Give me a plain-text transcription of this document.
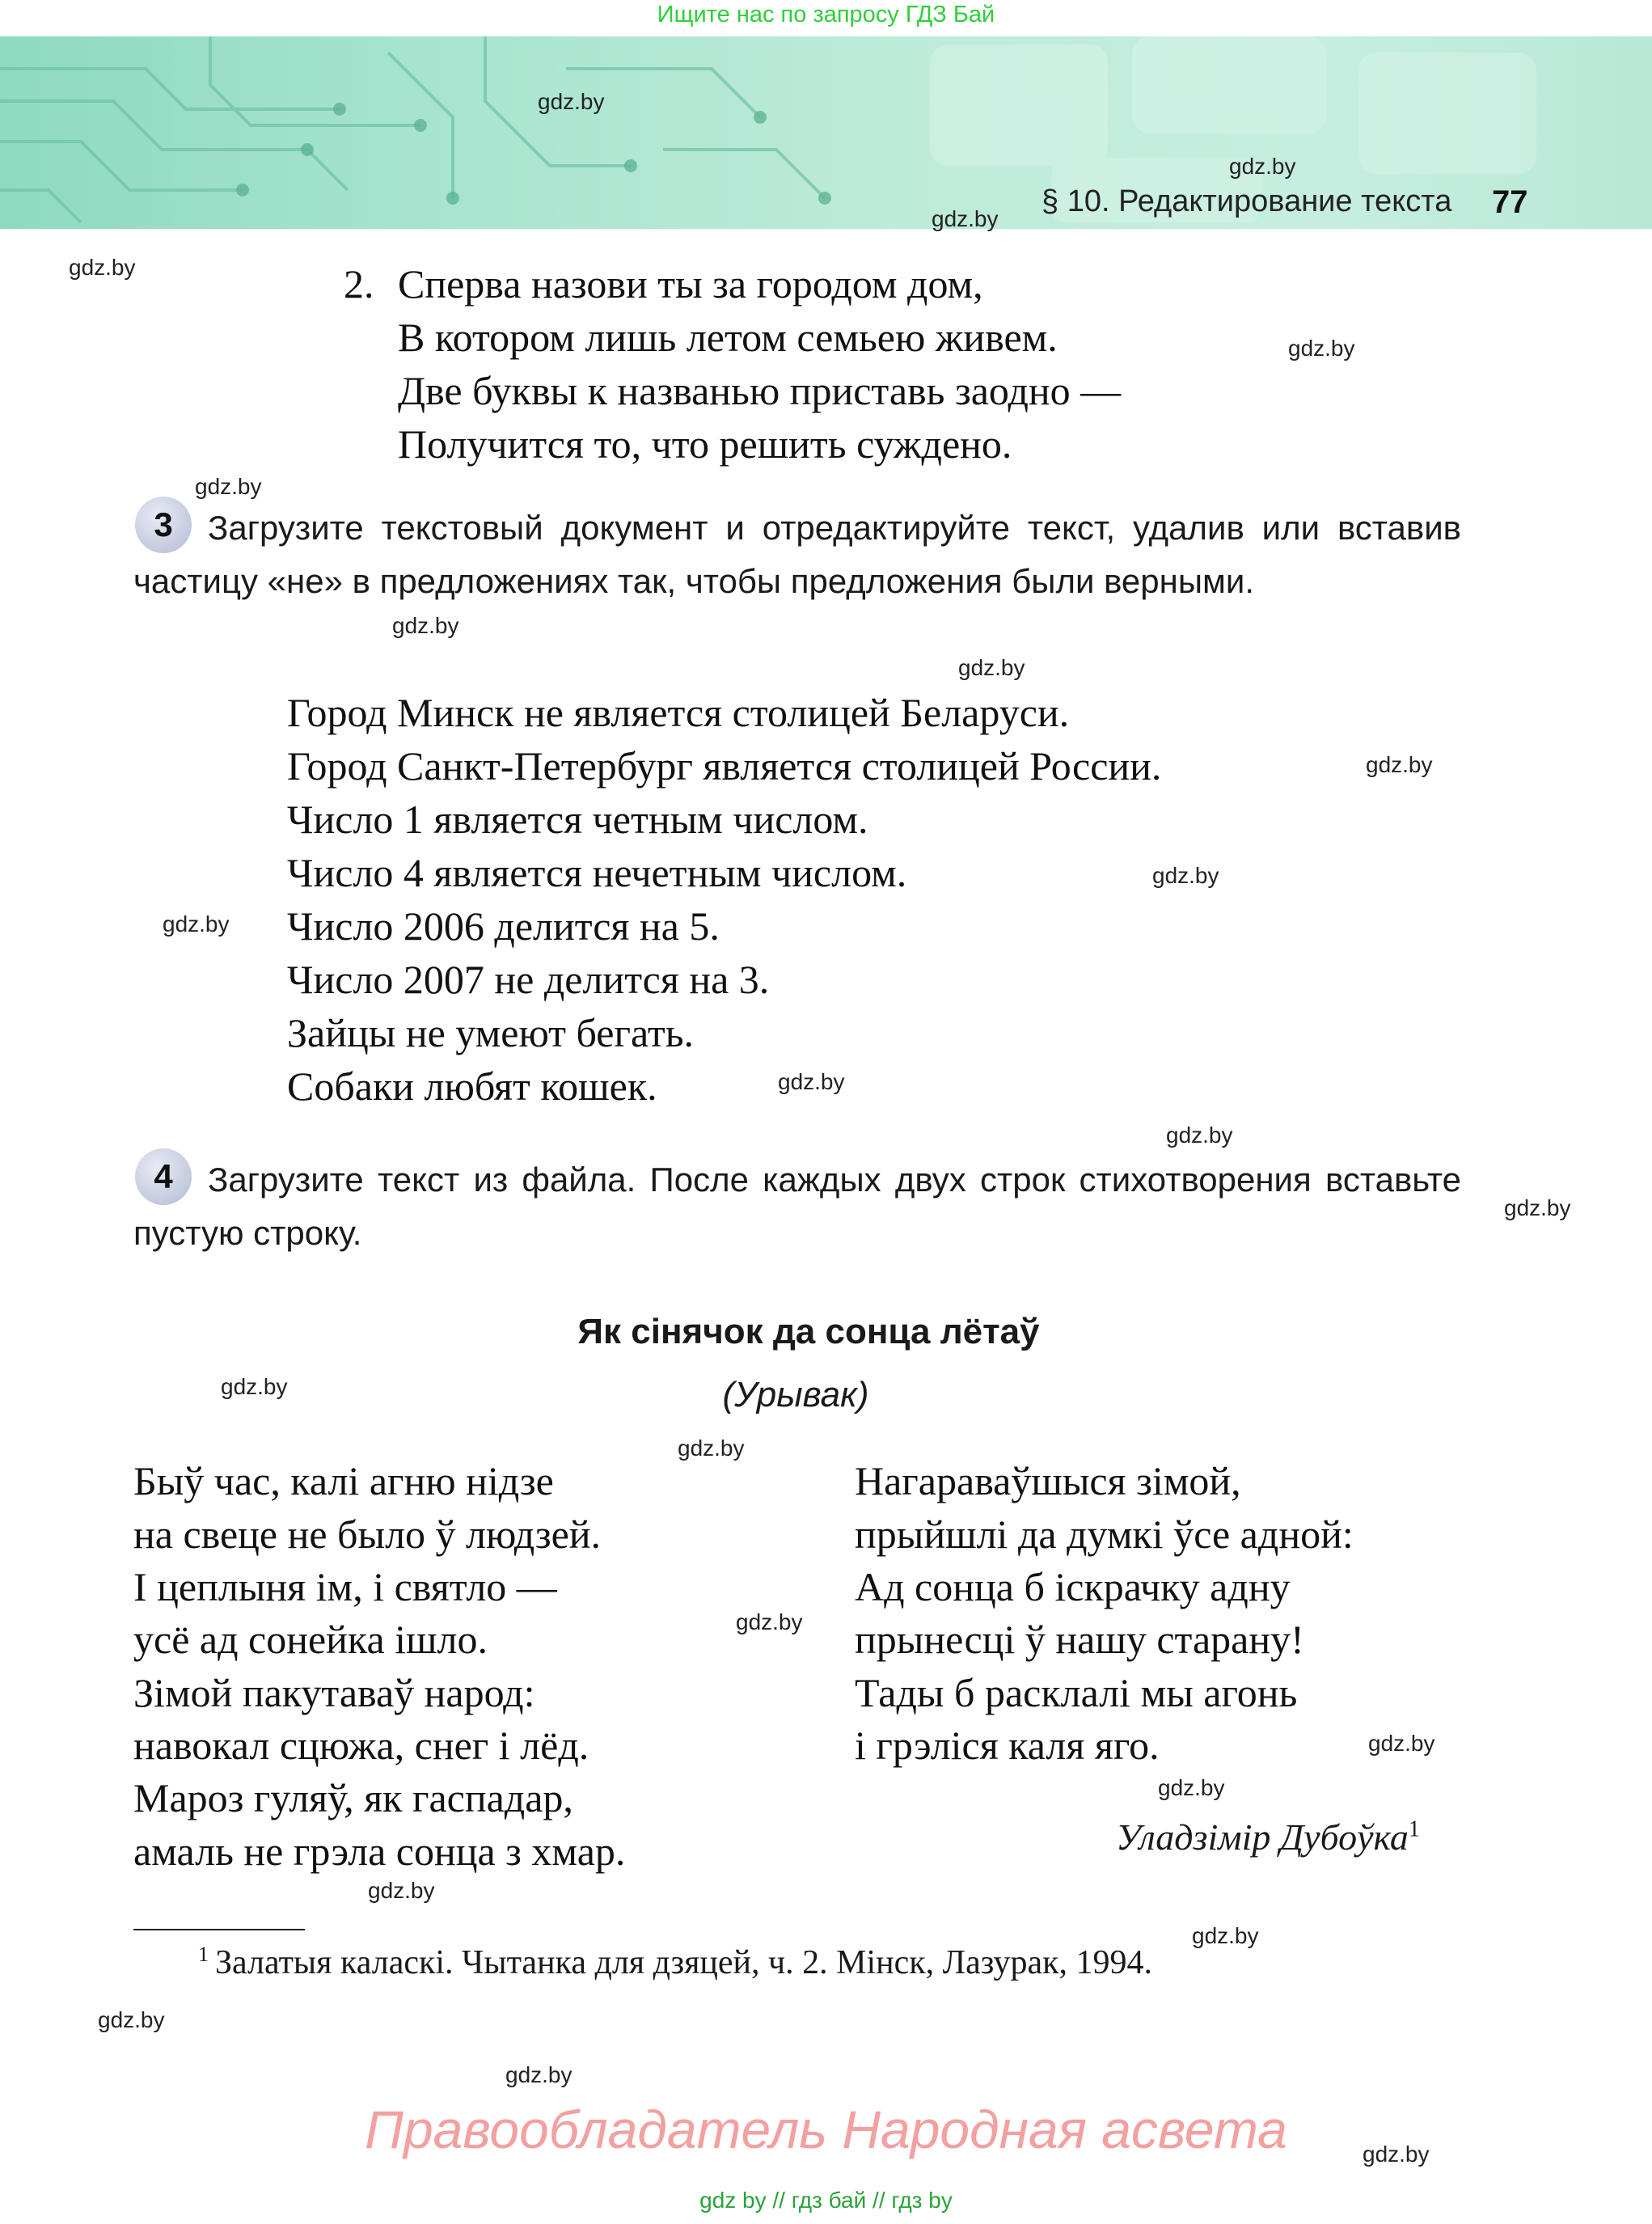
Ищите нас по запросу ГДЗ Бай
§ 10. Редактирование текста 77
2. Сперва назови ты за городом дом,
В котором лишь летом семьею живем.
Две буквы к названью приставь заодно —
Получится то, что решить суждено.
3	Загрузите текстовый документ и отредактируйте текст, удалив или вставив частицу «не» в предложениях так, чтобы предложения были верными.
Город Минск не является столицей Беларуси.
Город Санкт-Петербург является столицей России.
Число 1 является четным числом.
Число 4 является нечетным числом.
Число 2006 делится на 5.
Число 2007 не делится на 3.
Зайцы не умеют бегать.
Собаки любят кошек.
4	Загрузите текст из файла. После каждых двух строк стихотворения вставьте пустую строку.
Як сінячок да сонца лётаў
(Урывак)
Быў час, калі агню нідзе
на свеце не было ў людзей.
І цеплыня ім, і святло —
усё ад сонейка ішло.
Зімой пакутаваў народ:
навокал сцюжа, снег і лёд.
Мароз гуляў, як гаспадар,
амаль не грэла сонца з хмар.
Нагараваўшыся зімой,
прыйшлі да думкі ўсе адной:
Ад сонца б іскрачку адну
прынесці ў нашу старану!
Тады б расклалі мы агонь
і грэліся каля яго.
Уладзімір Дубоўка$^1$
$^1$ Залатыя каласкі. Чытанка для дзяцей, ч. 2. Мінск, Лазурак, 1994.
Правообладатель Народная асвета
gdz by // гдз бай // гдз by
gdz.by
gdz.by
gdz.by
gdz.by
gdz.by
gdz.by
gdz.by
gdz.by
gdz.by
gdz.by
gdz.by
gdz.by
gdz.by
gdz.by
gdz.by
gdz.by
gdz.by
gdz.by
gdz.by
gdz.by
gdz.by
gdz.by
gdz.by
gdz.by
